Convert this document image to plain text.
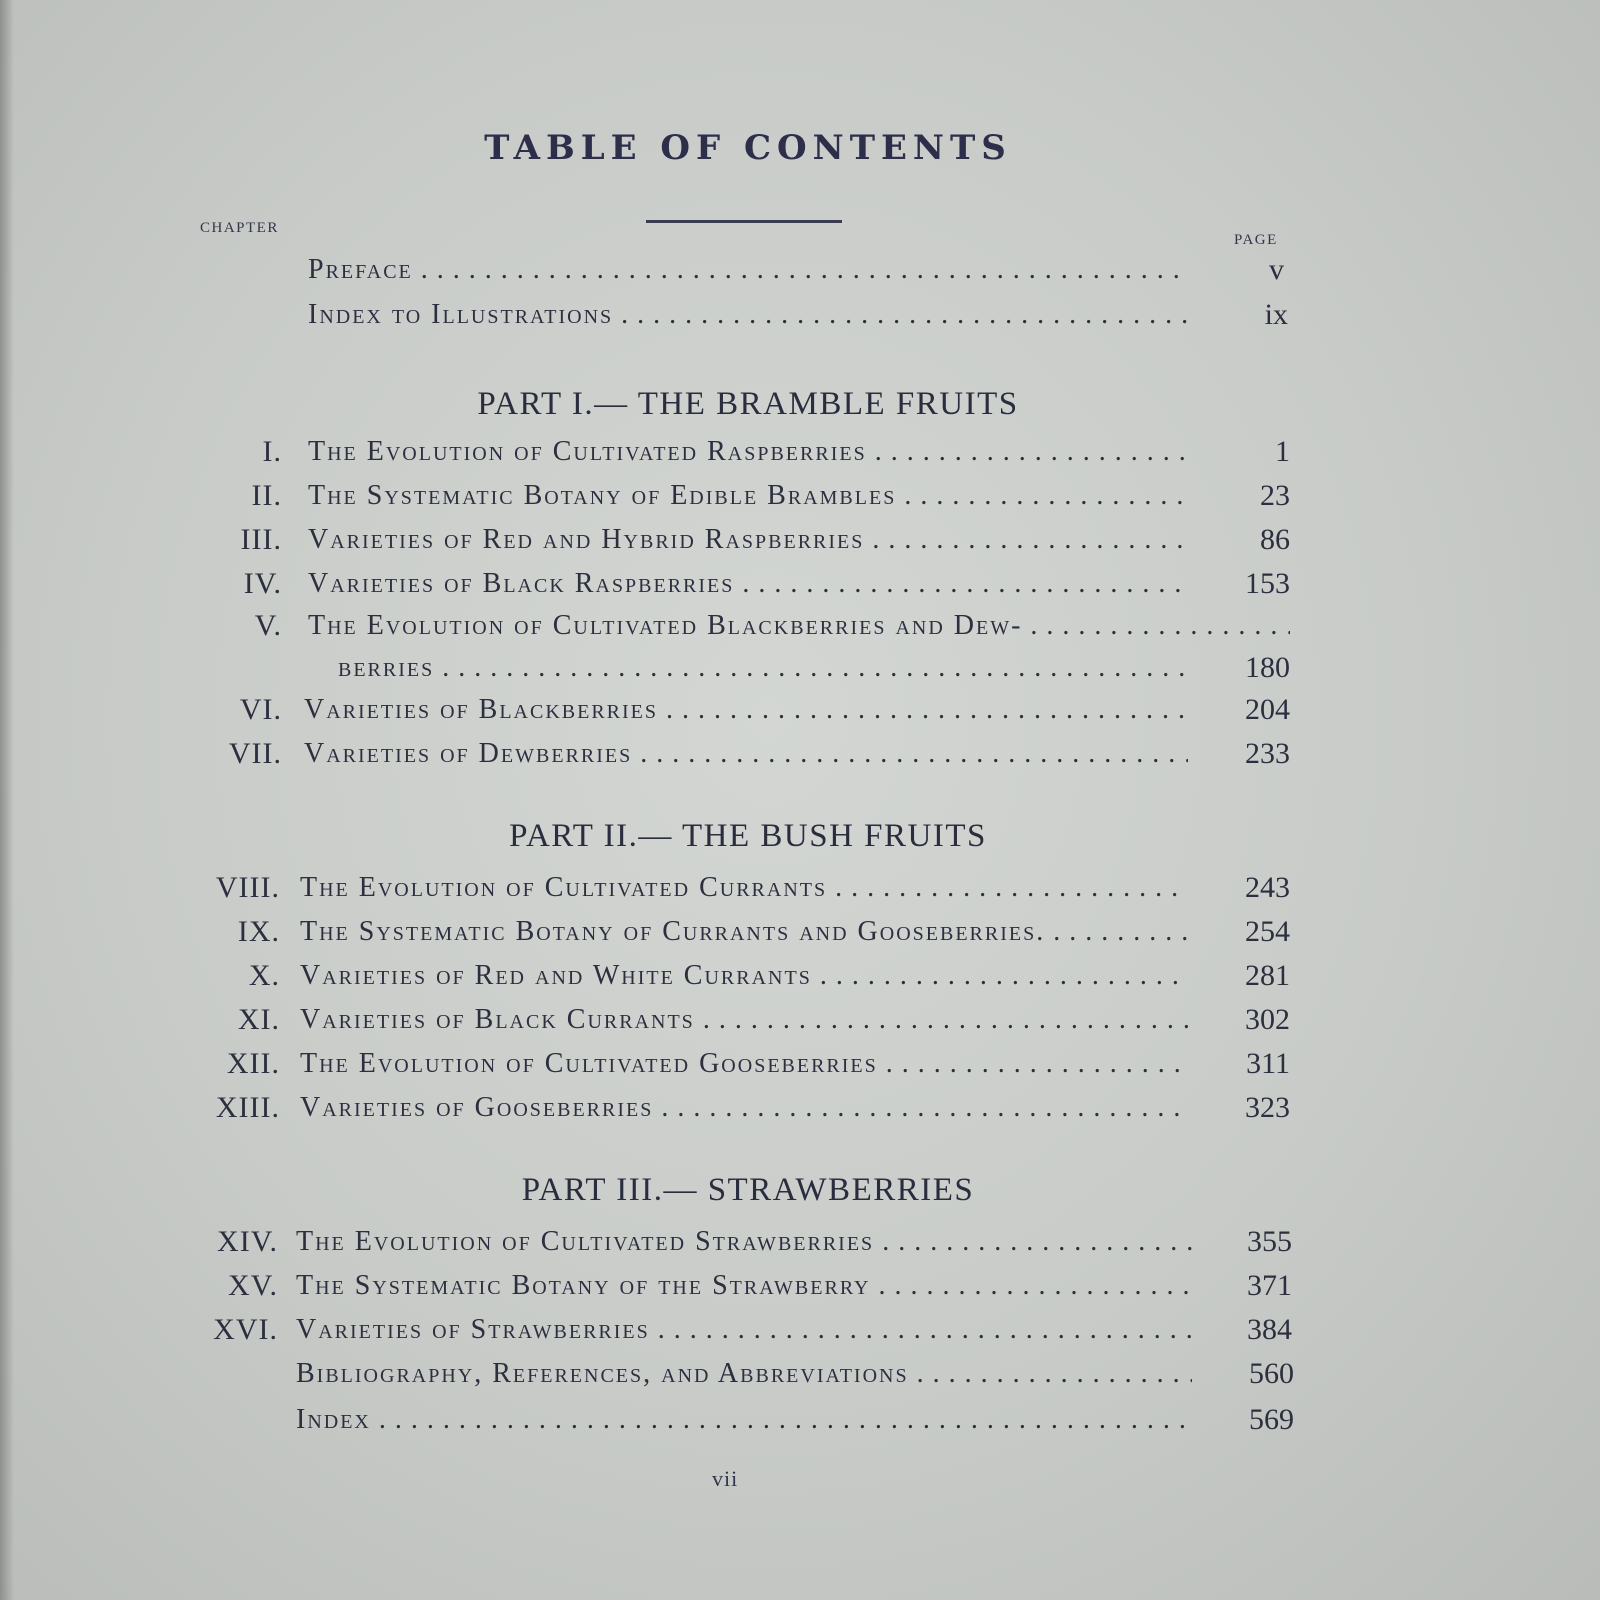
TABLE OF CONTENTS
CHAPTER
PAGE
Preface . . .	v
Index to Illustrations . . .	ix
PART I.— THE BRAMBLE FRUITS
I. The Evolution of Cultivated Raspberries . . .	1
II. The Systematic Botany of Edible Brambles . . .	23
III. Varieties of Red and Hybrid Raspberries . . .	86
IV. Varieties of Black Raspberries . . .	153
V. The Evolution of Cultivated Blackberries and Dew- . . .
berries . . .	180
VI. Varieties of Blackberries . . .	204
VII. Varieties of Dewberries . . .	233
PART II.— THE BUSH FRUITS
VIII. The Evolution of Cultivated Currants . . .	243
IX. The Systematic Botany of Currants and Gooseberries. . . .	254
X. Varieties of Red and White Currants . . .	281
XI. Varieties of Black Currants . . .	302
XII. The Evolution of Cultivated Gooseberries . . .	311
XIII. Varieties of Gooseberries . . .	323
PART III.— STRAWBERRIES
XIV. The Evolution of Cultivated Strawberries . . .	355
XV. The Systematic Botany of the Strawberry . . .	371
XVI. Varieties of Strawberries . . .	384
Bibliography, References, and Abbreviations . . .	560
Index . . .	569
vii
